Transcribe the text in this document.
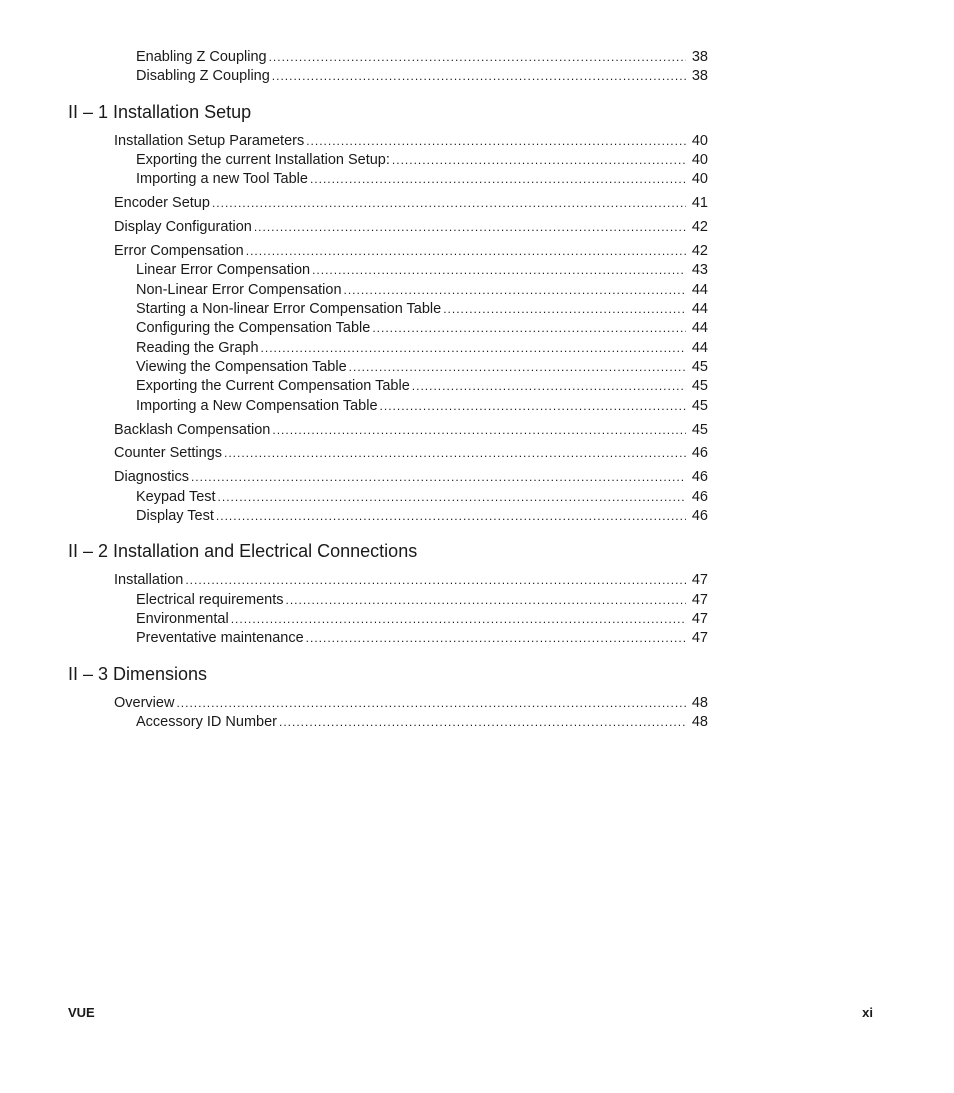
Enabling Z Coupling .....	38
Disabling Z Coupling .....	38
II – 1 Installation Setup
Installation Setup Parameters .....	40
Exporting the current Installation Setup: .....	40
Importing a new Tool Table .....	40
Encoder Setup .....	41
Display Configuration .....	42
Error Compensation .....	42
Linear Error Compensation .....	43
Non-Linear Error Compensation .....	44
Starting a Non-linear Error Compensation Table .....	44
Configuring the Compensation Table .....	44
Reading the Graph .....	44
Viewing the Compensation Table .....	45
Exporting the Current Compensation Table .....	45
Importing a New Compensation Table .....	45
Backlash Compensation .....	45
Counter Settings .....	46
Diagnostics .....	46
Keypad Test .....	46
Display Test .....	46
II – 2 Installation and Electrical Connections
Installation .....	47
Electrical requirements .....	47
Environmental .....	47
Preventative maintenance .....	47
II – 3 Dimensions
Overview .....	48
Accessory ID Number .....	48
VUE	xi
